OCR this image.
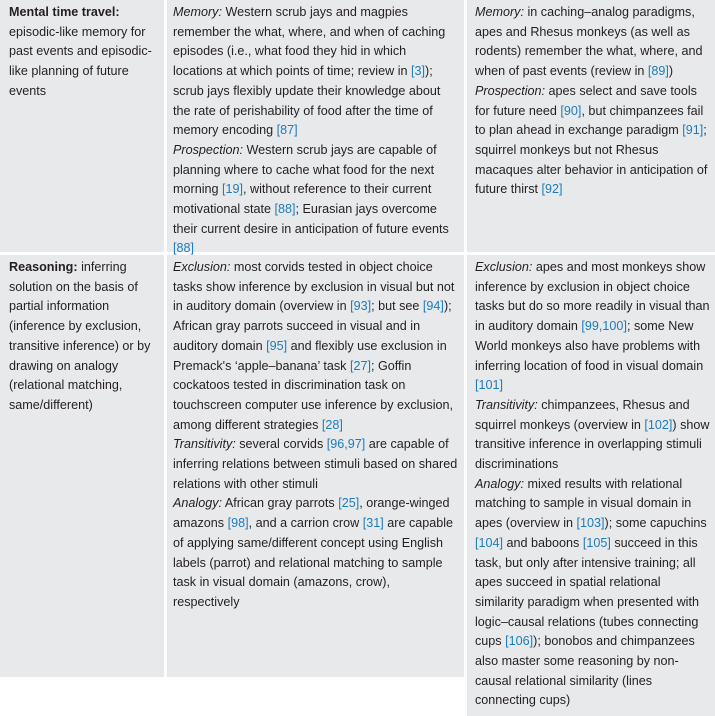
Mental time travel:
episodic-like memory for past events and episodic-like planning of future events

Memory: Western scrub jays and magpies remember the what, where, and when of caching episodes (i.e., what food they hid in which locations at which points of time; review in [3]); scrub jays flexibly update their knowledge about the rate of perishability of food after the time of memory encoding [87]

Prospection: Western scrub jays are capable of planning where to cache what food for the next morning [19], without reference to their current motivational state [88]; Eurasian jays overcome their current desire in anticipation of future events [88]

Memory: in caching–analog paradigms, apes and Rhesus monkeys (as well as rodents) remember the what, where, and when of past events (review in [89])

Prospection: apes select and save tools for future need [90], but chimpanzees fail to plan ahead in exchange paradigm [91]; squirrel monkeys but not Rhesus macaques alter behavior in anticipation of future thirst [92]

Reasoning: inferring solution on the basis of partial information (inference by exclusion, transitive inference) or by drawing on analogy (relational matching, same/different)

Exclusion: most corvids tested in object choice tasks show inference by exclusion in visual but not in auditory domain (overview in [93]; but see [94]); African gray parrots succeed in visual and in auditory domain [95] and flexibly use exclusion in Premack's ‘apple–banana’ task [27]; Goffin cockatoos tested in discrimination task on touchscreen computer use inference by exclusion, among different strategies [28]

Transitivity: several corvids [96,97] are capable of inferring relations between stimuli based on shared relations with other stimuli

Analogy: African gray parrots [25], orange-winged amazons [98], and a carrion crow [31] are capable of applying same/different concept using English labels (parrot) and relational matching to sample task in visual domain (amazons, crow), respectively

Exclusion: apes and most monkeys show inference by exclusion in object choice tasks but do so more readily in visual than in auditory domain [99,100]; some New World monkeys also have problems with inferring location of food in visual domain [101]

Transitivity: chimpanzees, Rhesus and squirrel monkeys (overview in [102]) show transitive inference in overlapping stimuli discriminations

Analogy: mixed results with relational matching to sample in visual domain in apes (overview in [103]); some capuchins [104] and baboons [105] succeed in this task, but only after intensive training; all apes succeed in spatial relational similarity paradigm when presented with logic–causal relations (tubes connecting cups [106]); bonobos and chimpanzees also master some reasoning by non-causal relational similarity (lines connecting cups)
